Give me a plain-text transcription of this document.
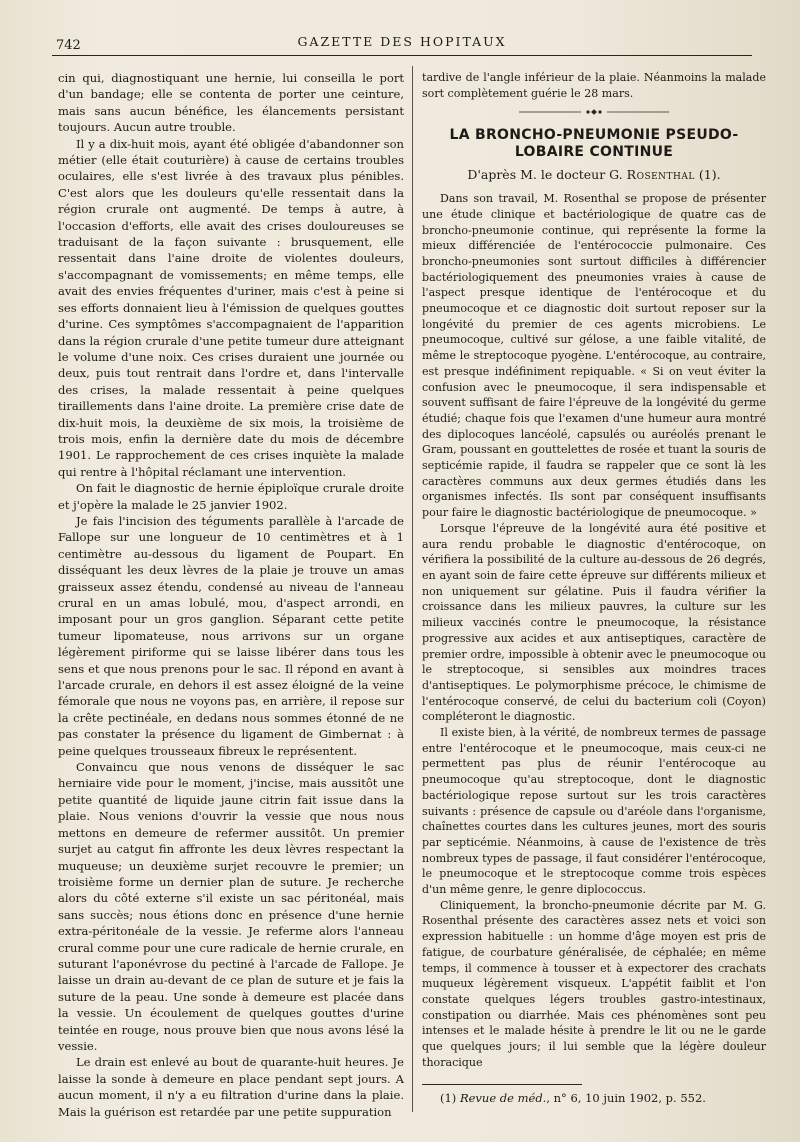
742	GAZETTE DES HOPITAUX

cin qui, diagnostiquant une hernie, lui conseilla le port d'un bandage; elle se contenta de porter une ceinture, mais sans aucun bénéfice, les élancements persistant toujours. Aucun autre trouble.

Il y a dix-huit mois, ayant été obligée d'abandonner son métier (elle était couturière) à cause de certains troubles oculaires, elle s'est livrée à des travaux plus pénibles. C'est alors que les douleurs qu'elle ressentait dans la région crurale ont augmenté. De temps à autre, à l'occasion d'efforts, elle avait des crises douloureuses se traduisant de la façon suivante : brusquement, elle ressentait dans l'aine droite de violentes douleurs, s'accompagnant de vomissements; en même temps, elle avait des envies fréquentes d'uriner, mais c'est à peine si ses efforts donnaient lieu à l'émission de quelques gouttes d'urine. Ces symptômes s'accompagnaient de l'apparition dans la région crurale d'une petite tumeur dure atteignant le volume d'une noix. Ces crises duraient une journée ou deux, puis tout rentrait dans l'ordre et, dans l'intervalle des crises, la malade ressentait à peine quelques tiraillements dans l'aine droite. La première crise date de dix-huit mois, la deuxième de six mois, la troisième de trois mois, enfin la dernière date du mois de décembre 1901. Le rapprochement de ces crises inquiète la malade qui rentre à l'hôpital réclamant une intervention.

On fait le diagnostic de hernie épiploïque crurale droite et j'opère la malade le 25 janvier 1902.

Je fais l'incision des téguments parallèle à l'arcade de Fallope sur une longueur de 10 centimètres et à 1 centimètre au-dessous du ligament de Poupart. En disséquant les deux lèvres de la plaie je trouve un amas graisseux assez étendu, condensé au niveau de l'anneau crural en un amas lobulé, mou, d'aspect arrondi, en imposant pour un gros ganglion. Séparant cette petite tumeur lipomateuse, nous arrivons sur un organe légèrement piriforme qui se laisse libérer dans tous les sens et que nous prenons pour le sac. Il répond en avant à l'arcade crurale, en dehors il est assez éloigné de la veine fémorale que nous ne voyons pas, en arrière, il repose sur la crête pectinéale, en dedans nous sommes étonné de ne pas constater la présence du ligament de Gimbernat : à peine quelques trousseaux fibreux le représentent.

Convaincu que nous venons de disséquer le sac herniaire vide pour le moment, j'incise, mais aussitôt une petite quantité de liquide jaune citrin fait issue dans la plaie. Nous venions d'ouvrir la vessie que nous nous mettons en demeure de refermer aussitôt. Un premier surjet au catgut fin affronte les deux lèvres respectant la muqueuse; un deuxième surjet recouvre le premier; un troisième forme un dernier plan de suture. Je recherche alors du côté externe s'il existe un sac péritonéal, mais sans succès; nous étions donc en présence d'une hernie extra-péritonéale de la vessie. Je referme alors l'anneau crural comme pour une cure radicale de hernie crurale, en suturant l'aponévrose du pectiné à l'arcade de Fallope. Je laisse un drain au-devant de ce plan de suture et je fais la suture de la peau. Une sonde à demeure est placée dans la vessie. Un écoulement de quelques gouttes d'urine teintée en rouge, nous prouve bien que nous avons lésé la vessie.

Le drain est enlevé au bout de quarante-huit heures. Je laisse la sonde à demeure en place pendant sept jours. A aucun moment, il n'y a eu filtration d'urine dans la plaie. Mais la guérison est retardée par une petite suppuration

tardive de l'angle inférieur de la plaie. Néanmoins la malade sort complètement guérie le 28 mars.

LA BRONCHO-PNEUMONIE PSEUDO-LOBAIRE CONTINUE
D'après M. le docteur G. Rosenthal (1).

Dans son travail, M. Rosenthal se propose de présenter une étude clinique et bactériologique de quatre cas de broncho-pneumonie continue, qui représente la forme la mieux différenciée de l'entérococcie pulmonaire. Ces broncho-pneumonies sont surtout difficiles à différencier bactériologiquement des pneumonies vraies à cause de l'aspect presque identique de l'entérocoque et du pneumocoque et ce diagnostic doit surtout reposer sur la longévité du premier de ces agents microbiens. Le pneumocoque, cultivé sur gélose, a une faible vitalité, de même le streptocoque pyogène. L'entérocoque, au contraire, est presque indéfiniment repiquable. « Si on veut éviter la confusion avec le pneumocoque, il sera indispensable et souvent suffisant de faire l'épreuve de la longévité du germe étudié; chaque fois que l'examen d'une humeur aura montré des diplocoques lancéolé, capsulés ou auréolés prenant le Gram, poussant en gouttelettes de rosée et tuant la souris de septicémie rapide, il faudra se rappeler que ce sont là les caractères communs aux deux germes étudiés dans les organismes infectés. Ils sont par conséquent insuffisants pour faire le diagnostic bactériologique de pneumocoque. »

Lorsque l'épreuve de la longévité aura été positive et aura rendu probable le diagnostic d'entérocoque, on vérifiera la possibilité de la culture au-dessous de 26 degrés, en ayant soin de faire cette épreuve sur différents milieux et non uniquement sur gélatine. Puis il faudra vérifier la croissance dans les milieux pauvres, la culture sur les milieux vaccinés contre le pneumocoque, la résistance progressive aux acides et aux antiseptiques, caractère de premier ordre, impossible à obtenir avec le pneumocoque ou le streptocoque, si sensibles aux moindres traces d'antiseptiques. Le polymorphisme précoce, le chimisme de l'entérocoque conservé, de celui du bacterium coli (Coyon) compléteront le diagnostic.

Il existe bien, à la vérité, de nombreux termes de passage entre l'entérocoque et le pneumocoque, mais ceux-ci ne permettent pas plus de réunir l'entérocoque au pneumocoque qu'au streptocoque, dont le diagnostic bactériologique repose surtout sur les trois caractères suivants : présence de capsule ou d'aréole dans l'organisme, chaînettes courtes dans les cultures jeunes, mort des souris par septicémie. Néanmoins, à cause de l'existence de très nombreux types de passage, il faut considérer l'entérocoque, le pneumocoque et le streptocoque comme trois espèces d'un même genre, le genre diplococcus.

Cliniquement, la broncho-pneumonie décrite par M. G. Rosenthal présente des caractères assez nets et voici son expression habituelle : un homme d'âge moyen est pris de fatigue, de courbature généralisée, de céphalée; en même temps, il commence à tousser et à expectorer des crachats muqueux légèrement visqueux. L'appétit faiblit et l'on constate quelques légers troubles gastro-intestinaux, constipation ou diarrhée. Mais ces phénomènes sont peu intenses et le malade hésite à prendre le lit ou ne le garde que quelques jours; il lui semble que la légère douleur thoracique

(1) Revue de méd., n° 6, 10 juin 1902, p. 552.
